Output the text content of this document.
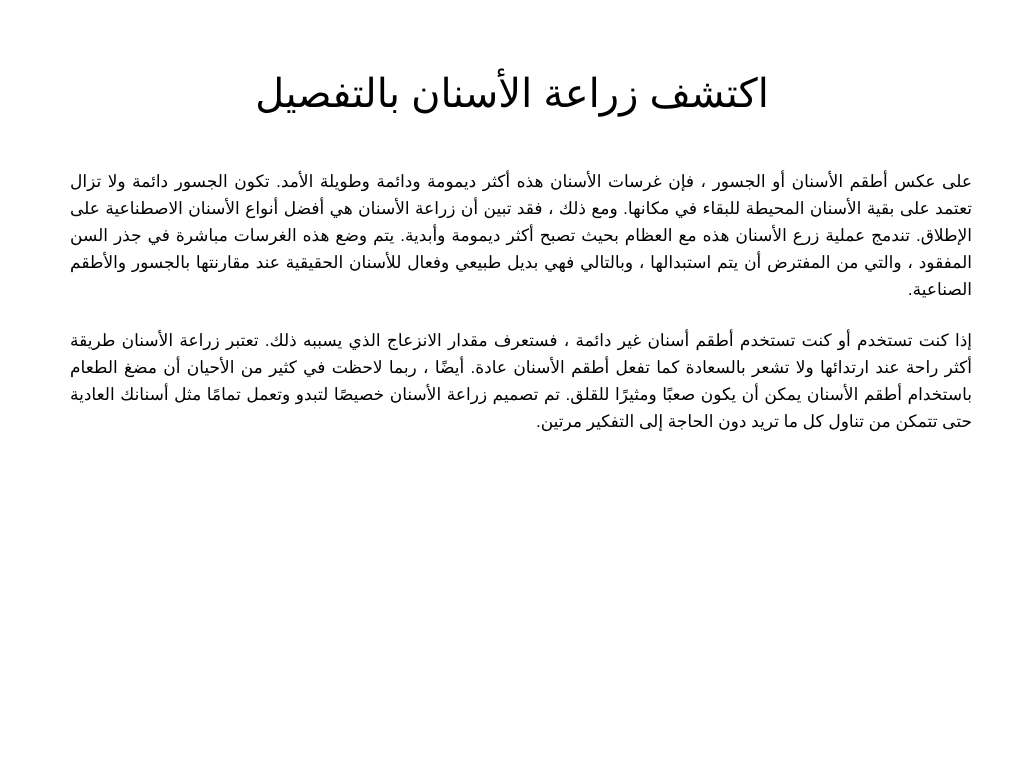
اكتشف زراعة الأسنان بالتفصيل

على عكس أطقم الأسنان أو الجسور ، فإن غرسات الأسنان هذه أكثر ديمومة ودائمة وطويلة الأمد. تكون الجسور دائمة ولا تزال تعتمد على بقية الأسنان المحيطة للبقاء في مكانها. ومع ذلك ، فقد تبين أن زراعة الأسنان هي أفضل أنواع الأسنان الاصطناعية على الإطلاق. تندمج عملية زرع الأسنان هذه مع العظام بحيث تصبح أكثر ديمومة وأبدية. يتم وضع هذه الغرسات مباشرة في جذر السن المفقود ، والتي من المفترض أن يتم استبدالها ، وبالتالي فهي بديل طبيعي وفعال للأسنان الحقيقية عند مقارنتها بالجسور والأطقم الصناعية.

إذا كنت تستخدم أو كنت تستخدم أطقم أسنان غير دائمة ، فستعرف مقدار الانزعاج الذي يسببه ذلك. تعتبر زراعة الأسنان طريقة أكثر راحة عند ارتدائها ولا تشعر بالسعادة كما تفعل أطقم الأسنان عادة. أيضًا ، ربما لاحظت في كثير من الأحيان أن مضغ الطعام باستخدام أطقم الأسنان يمكن أن يكون صعبًا ومثيرًا للقلق. تم تصميم زراعة الأسنان خصيصًا لتبدو وتعمل تمامًا مثل أسنانك العادية حتى تتمكن من تناول كل ما تريد دون الحاجة إلى التفكير مرتين.
